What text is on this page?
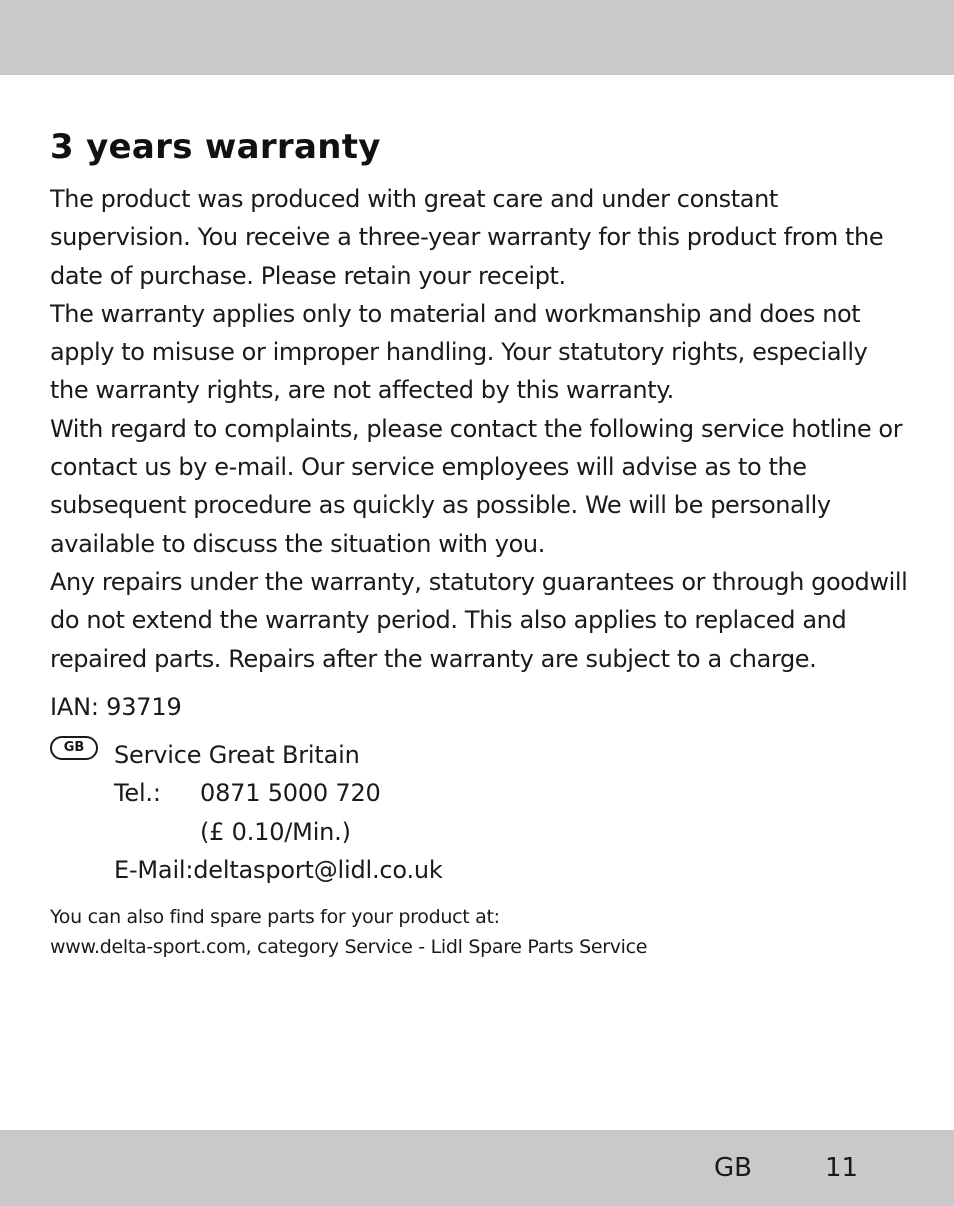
3 years warranty

The product was produced with great care and under constant supervision. You receive a three-year warranty for this product from the date of purchase. Please retain your receipt.

The warranty applies only to material and workmanship and does not apply to misuse or improper handling. Your statutory rights, especially the warranty rights, are not affected by this warranty.

With regard to complaints, please contact the following service hotline or contact us by e-mail. Our service employees will advise as to the subsequent procedure as quickly as possible. We will be personally available to discuss the situation with you.

Any repairs under the warranty, statutory guarantees or through goodwill do not extend the warranty period. This also applies to replaced and repaired parts. Repairs after the warranty are subject to a charge.

IAN: 93719
GB	Service Great Britain
Tel.:	0871 5000 720
(£ 0.10/Min.)
E-Mail: deltasport@lidl.co.uk
You can also find spare parts for your product at:
www.delta-sport.com, category Service - Lidl Spare Parts Service
GB	11
